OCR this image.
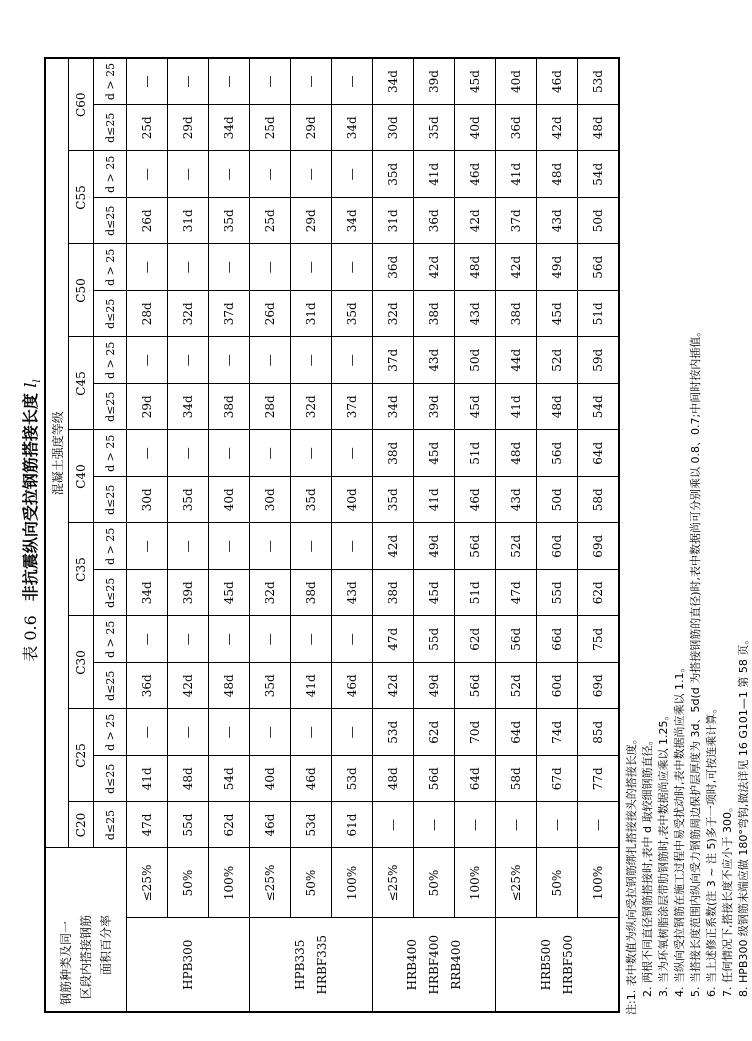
表 0.6非抗震纵向受拉钢筋搭接长度 $l_l$
钢筋种类及同一 区段内搭接钢筋 面积百分率		混凝土强度等级																
		C20	C25		C30		C35		C40		C45		C50		C55		C60	
		d≤25	d≤25	d > 25	d≤25	d > 25	d≤25	d > 25	d≤25	d > 25	d≤25	d > 25	d≤25	d > 25	d≤25	d > 25	d≤25	d > 25

HPB300	≤25%	47d	41d	—	36d	—	34d	—	30d	—	29d	—	28d	—	26d	—	25d	—
	50%	55d	48d	—	42d	—	39d	—	35d	—	34d	—	32d	—	31d	—	29d	—
	100%	62d	54d	—	48d	—	45d	—	40d	—	38d	—	37d	—	35d	—	34d	—

HPB335 HRBF335	≤25%	46d	40d	—	35d	—	32d	—	30d	—	28d	—	26d	—	25d	—	25d	—
	50%	53d	46d	—	41d	—	38d	—	35d	—	32d	—	31d	—	29d	—	29d	—
	100%	61d	53d	—	46d	—	43d	—	40d	—	37d	—	35d	—	34d	—	34d	—

HRB400 HRBF400 RRB400	≤25%	—	48d	53d	42d	47d	38d	42d	35d	38d	34d	37d	32d	36d	31d	35d	30d	34d
	50%	—	56d	62d	49d	55d	45d	49d	41d	45d	39d	43d	38d	42d	36d	41d	35d	39d
	100%	—	64d	70d	56d	62d	51d	56d	46d	51d	45d	50d	43d	48d	42d	46d	40d	45d

HRB500 HRBF500	≤25%	—	58d	64d	52d	56d	47d	52d	43d	48d	41d	44d	38d	42d	37d	41d	36d	40d
	50%	—	67d	74d	60d	66d	55d	60d	50d	56d	48d	52d	45d	49d	43d	48d	42d	46d
	100%	—	77d	85d	69d	75d	62d	69d	58d	64d	54d	59d	51d	56d	50d	54d	48d	53d
注:1. 表中数值为纵向受拉钢筋绑扎搭接接头的搭接长度。 2. 两根不同直径钢筋搭接时,表中 d 取较细钢筋直径。 3. 当为环氧树脂涂层带肋钢筋时,表中数据尚应乘以 1.25。 4. 当纵向受拉钢筋在施工过程中易受扰动时,表中数据尚应乘以 1.1。 5. 当搭接长度范围内纵向受力钢筋周边保护层厚度为 3d、5d(d 为搭接钢筋的直径)时,表中数据尚可分别乘以 0.8、0.7;中间时按内插值。 6. 当上述修正系数(注 3 ~ 注 5)多于一项时,可按连乘计算。 7. 任何情况下,搭接长度不应小于 300。 8. HPB300 级钢筋末端应做 180°弯钩,做法详见 16 G101—1 第 58 页。
